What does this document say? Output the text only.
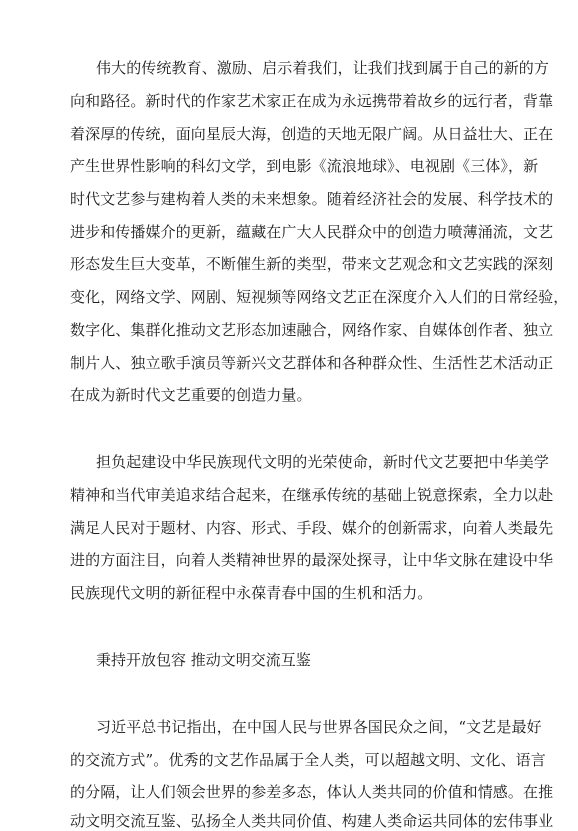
伟大的传统教育、激励、启示着我们，让我们找到属于自己的新的方
向和路径。新时代的作家艺术家正在成为永远携带着故乡的远行者，背靠
着深厚的传统，面向星辰大海，创造的天地无限广阔。从日益壮大、正在
产生世界性影响的科幻文学，到电影《流浪地球》、电视剧《三体》，新
时代文艺参与建构着人类的未来想象。随着经济社会的发展、科学技术的
进步和传播媒介的更新，蕴藏在广大人民群众中的创造力喷薄涌流，文艺
形态发生巨大变革，不断催生新的类型，带来文艺观念和文艺实践的深刻
变化，网络文学、网剧、短视频等网络文艺正在深度介入人们的日常经验，
数字化、集群化推动文艺形态加速融合，网络作家、自媒体创作者、独立
制片人、独立歌手演员等新兴文艺群体和各种群众性、生活性艺术活动正
在成为新时代文艺重要的创造力量。
担负起建设中华民族现代文明的光荣使命，新时代文艺要把中华美学
精神和当代审美追求结合起来，在继承传统的基础上锐意探索，全力以赴
满足人民对于题材、内容、形式、手段、媒介的创新需求，向着人类最先
进的方面注目，向着人类精神世界的最深处探寻，让中华文脉在建设中华
民族现代文明的新征程中永葆青春中国的生机和活力。
秉持开放包容 推动文明交流互鉴
习近平总书记指出，在中国人民与世界各国民众之间，“文艺是最好
的交流方式”。优秀的文艺作品属于全人类，可以超越文明、文化、语言
的分隔，让人们领会世界的参差多态，体认人类共同的价值和情感。在推
动文明交流互鉴、弘扬全人类共同价值、构建人类命运共同体的宏伟事业
